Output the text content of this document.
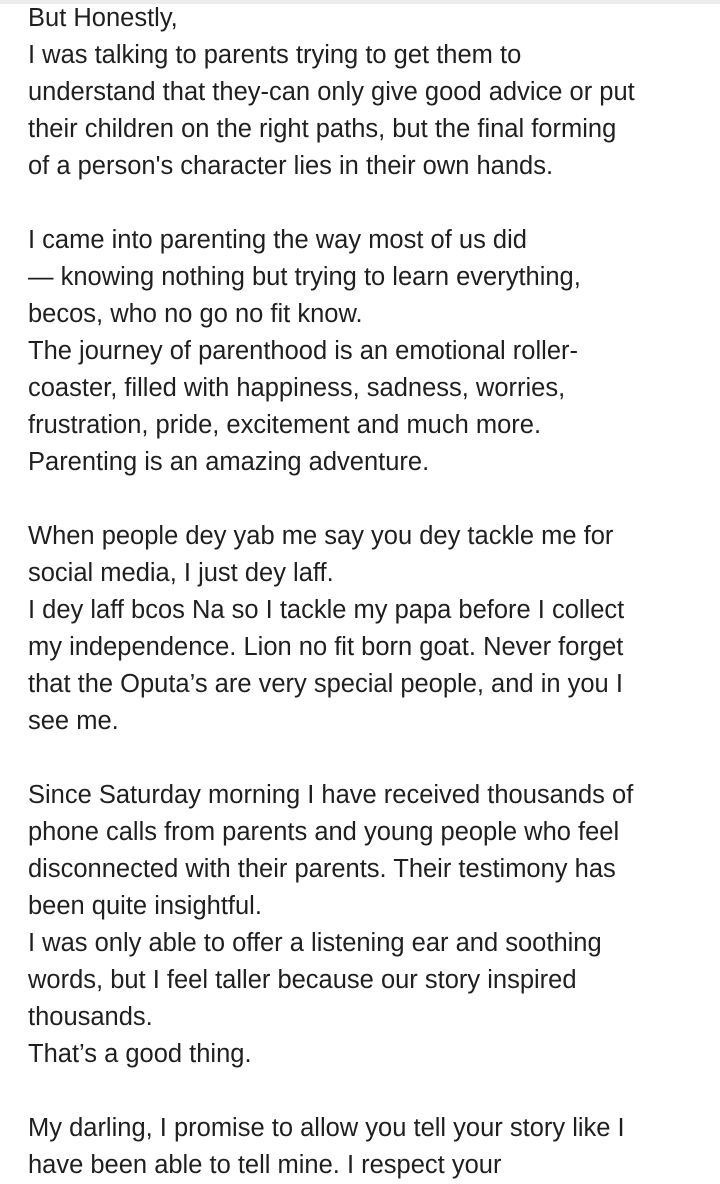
But Honestly,
I was talking to parents trying to get them to
understand that they-can only give good advice or put
their children on the right paths, but the final forming
of a person's character lies in their own hands.

I came into parenting the way most of us did
— knowing nothing but trying to learn everything,
becos, who no go no fit know.
The journey of parenthood is an emotional roller-
coaster, filled with happiness, sadness, worries,
frustration, pride, excitement and much more.
Parenting is an amazing adventure.

When people dey yab me say you dey tackle me for
social media, I just dey laff.
I dey laff bcos Na so I tackle my papa before I collect
my independence. Lion no fit born goat. Never forget
that the Oputa’s are very special people, and in you I
see me.

Since Saturday morning I have received thousands of
phone calls from parents and young people who feel
disconnected with their parents. Their testimony has
been quite insightful.
I was only able to offer a listening ear and soothing
words, but I feel taller because our story inspired
thousands.
That’s a good thing.

My darling, I promise to allow you tell your story like I
have been able to tell mine. I respect your
